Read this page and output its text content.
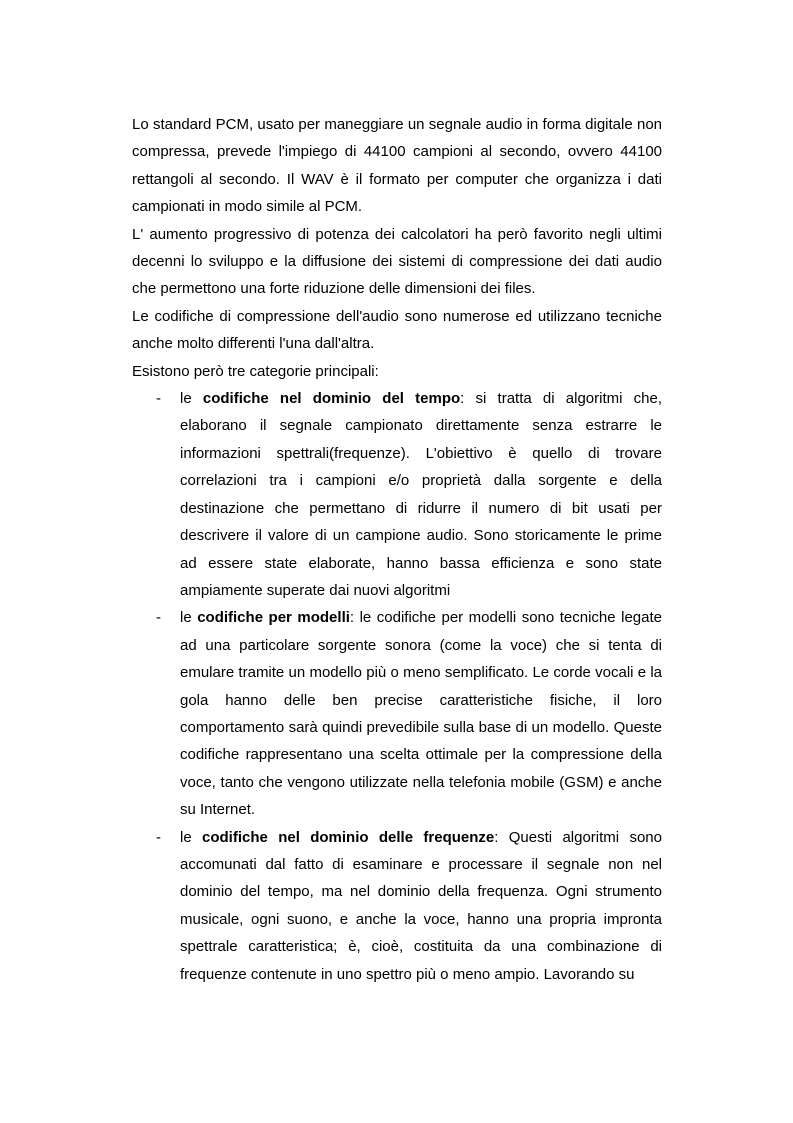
Lo standard PCM, usato per maneggiare un segnale audio in forma digitale non compressa, prevede l'impiego di 44100 campioni al secondo, ovvero 44100 rettangoli al secondo. Il WAV è il formato per computer che organizza i dati campionati in modo simile al PCM.

L' aumento progressivo di potenza dei calcolatori ha però favorito negli ultimi decenni lo sviluppo e la diffusione dei sistemi di compressione dei dati audio che permettono una forte riduzione delle dimensioni dei files.

Le codifiche di compressione dell'audio sono numerose ed utilizzano tecniche anche molto differenti l'una dall'altra.

Esistono però tre categorie principali:

- le codifiche nel dominio del tempo: si tratta di algoritmi che, elaborano il segnale campionato direttamente senza estrarre le informazioni spettrali(frequenze). L'obiettivo è quello di trovare correlazioni tra i campioni e/o proprietà dalla sorgente e della destinazione che permettano di ridurre il numero di bit usati per descrivere il valore di un campione audio. Sono storicamente le prime ad essere state elaborate, hanno bassa efficienza e sono state ampiamente superate dai nuovi algoritmi
- le codifiche per modelli: le codifiche per modelli sono tecniche legate ad una particolare sorgente sonora (come la voce) che si tenta di emulare tramite un modello più o meno semplificato. Le corde vocali e la gola hanno delle ben precise caratteristiche fisiche, il loro comportamento sarà quindi prevedibile sulla base di un modello. Queste codifiche rappresentano una scelta ottimale per la compressione della voce, tanto che vengono utilizzate nella telefonia mobile (GSM) e anche su Internet.
- le codifiche nel dominio delle frequenze: Questi algoritmi sono accomunati dal fatto di esaminare e processare il segnale non nel dominio del tempo, ma nel dominio della frequenza. Ogni strumento musicale, ogni suono, e anche la voce, hanno una propria impronta spettrale caratteristica; è, cioè, costituita da una combinazione di frequenze contenute in uno spettro più o meno ampio. Lavorando su
